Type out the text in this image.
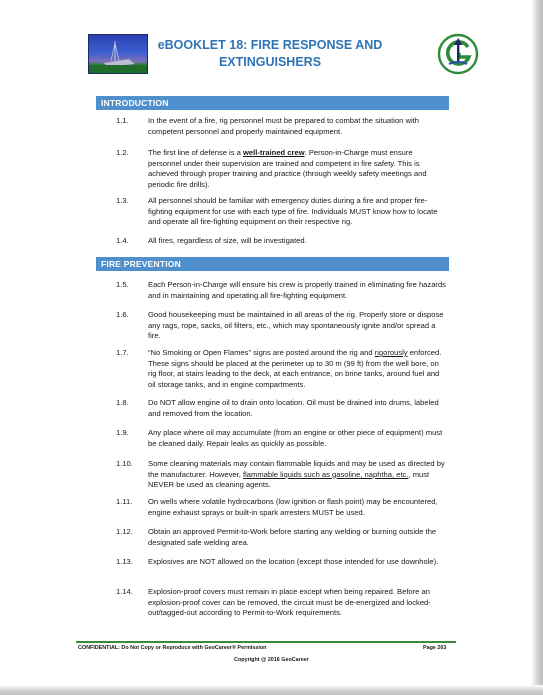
eBOOKLET 18: FIRE RESPONSE AND
EXTINGUISHERS
INTRODUCTION
1.1.	In the event of a fire, rig personnel must be prepared to combat the situation with competent personnel and properly maintained equipment.
1.2.	The first line of defense is a well-trained crew. Person-in-Charge must ensure personnel under their supervision are trained and competent in fire safety. This is achieved through proper training and practice (through weekly safety meetings and periodic fire drills).
1.3.	All personnel should be familiar with emergency duties during a fire and proper fire-fighting equipment for use with each type of fire. Individuals MUST know how to locate and operate all fire-fighting equipment on their respective rig.
1.4.	All fires, regardless of size, will be investigated.
FIRE PREVENTION
1.5.	Each Person-in-Charge will ensure his crew is properly trained in eliminating fire hazards and in maintaining and operating all fire-fighting equipment.
1.6.	Good housekeeping must be maintained in all areas of the rig. Properly store or dispose any rags, rope, sacks, oil filters, etc., which may spontaneously ignite and/or spread a fire.
1.7.	“No Smoking or Open Flames” signs are posted around the rig and rigorously enforced. These signs should be placed at the perimeter up to 30 m (99 ft) from the well bore, on rig floor, at stairs leading to the deck, at each entrance, on brine tanks, around fuel and oil storage tanks, and in engine compartments.
1.8.	Do NOT allow engine oil to drain onto location. Oil must be drained into drums, labeled and removed from the location.
1.9.	Any place where oil may accumulate (from an engine or other piece of equipment) must be cleaned daily. Repair leaks as quickly as possible.
1.10.	Some cleaning materials may contain flammable liquids and may be used as directed by the manufacturer. However, flammable liquids such as gasoline, naphtha, etc., must NEVER be used as cleaning agents.
1.11.	On wells where volatile hydrocarbons (low ignition or flash point) may be encountered, engine exhaust sprays or built-in spark arresters MUST be used.
1.12.	Obtain an approved Permit-to-Work before starting any welding or burning outside the designated safe welding area.
1.13.	Explosives are NOT allowed on the location (except those intended for use downhole).
1.14.	Explosion-proof covers must remain in place except when being repaired. Before an explosion-proof cover can be removed, the circuit must be de-energized and locked-out/tagged-out according to Permit-to-Work requirements.
CONFIDENTIAL: Do Not Copy or Reproduce with GeoCareer® Permission	Page 263
Copyright @ 2016 GeoCareer
